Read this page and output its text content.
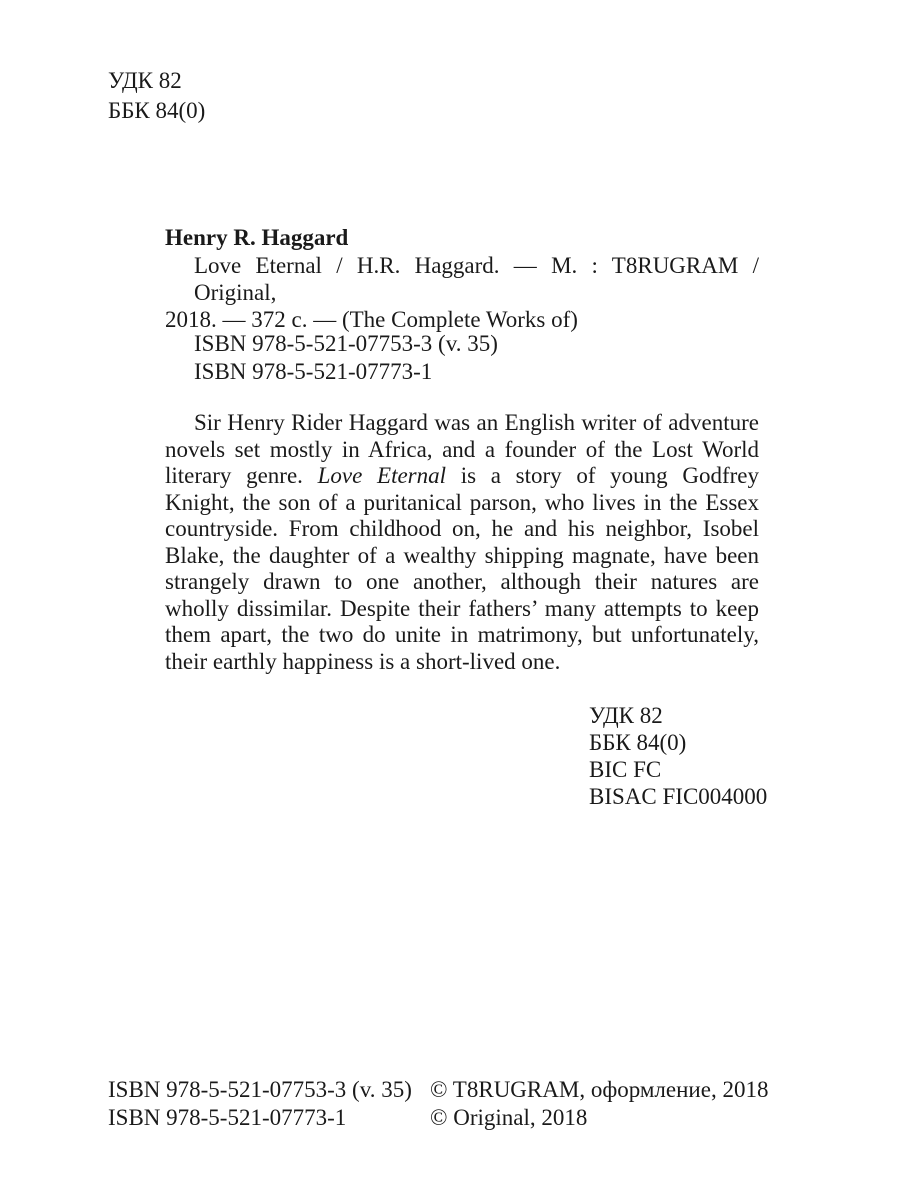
УДК 82
ББК 84(0)
Henry R. Haggard
Love Eternal / H.R. Haggard. — M. : T8RUGRAM / Original,
2018. — 372 c. — (The Complete Works of)
ISBN 978-5-521-07753-3 (v. 35)
ISBN 978-5-521-07773-1
Sir Henry Rider Haggard was an English writer of adventure
novels set mostly in Africa, and a founder of the Lost World
literary genre. Love Eternal is a story of young Godfrey
Knight, the son of a puritanical parson, who lives in the Essex
countryside. From childhood on, he and his neighbor, Isobel
Blake, the daughter of a wealthy shipping magnate, have been
strangely drawn to one another, although their natures are
wholly dissimilar. Despite their fathers’ many attempts to keep
them apart, the two do unite in matrimony, but unfortunately,
their earthly happiness is a short-lived one.
УДК 82
ББК 84(0)
BIC FC
BISAC FIC004000
ISBN 978-5-521-07753-3 (v. 35)
ISBN 978-5-521-07773-1
© T8RUGRAM, оформление, 2018
© Original, 2018
